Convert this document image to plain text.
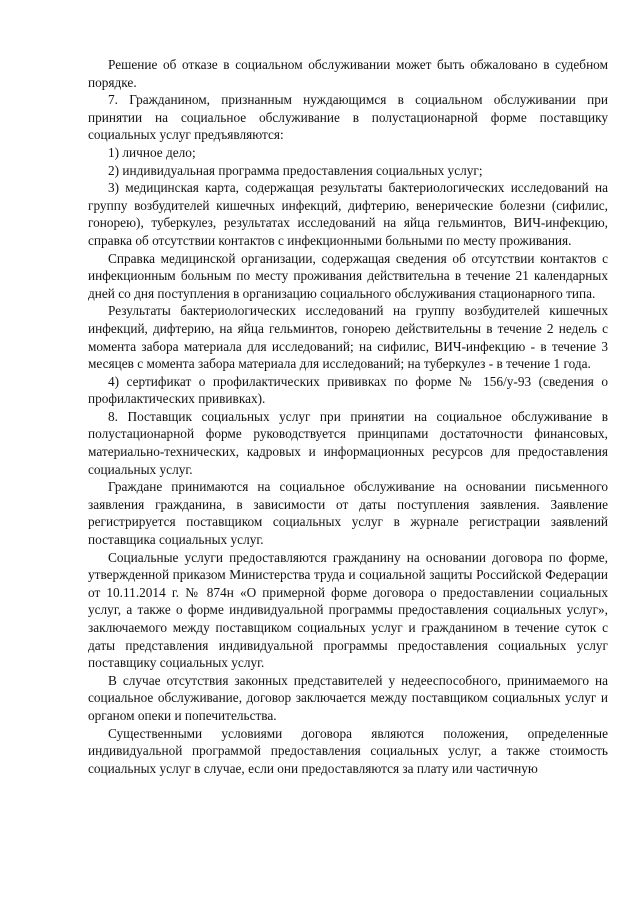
Решение об отказе в социальном обслуживании может быть обжаловано в судебном порядке.

7. Гражданином, признанным нуждающимся в социальном обслуживании при принятии на социальное обслуживание в полустационарной форме поставщику социальных услуг предъявляются:

1) личное дело;

2) индивидуальная программа предоставления социальных услуг;

3) медицинская карта, содержащая результаты бактериологических исследований на группу возбудителей кишечных инфекций, дифтерию, венерические болезни (сифилис, гонорею), туберкулез, результатах исследований на яйца гельминтов, ВИЧ-инфекцию, справка об отсутствии контактов с инфекционными больными по месту проживания.

Справка медицинской организации, содержащая сведения об отсутствии контактов с инфекционным больным по месту проживания действительна в течение 21 календарных дней со дня поступления в организацию социального обслуживания стационарного типа.

Результаты бактериологических исследований на группу возбудителей кишечных инфекций, дифтерию, на яйца гельминтов, гонорею действительны в течение 2 недель с момента забора материала для исследований; на сифилис, ВИЧ-инфекцию - в течение 3 месяцев с момента забора материала для исследований; на туберкулез - в течение 1 года.

4) сертификат о профилактических прививках по форме № 156/у-93 (сведения о профилактических прививках).

8. Поставщик социальных услуг при принятии на социальное обслуживание в полустационарной форме руководствуется принципами достаточности финансовых, материально-технических, кадровых и информационных ресурсов для предоставления социальных услуг.

Граждане принимаются на социальное обслуживание на основании письменного заявления гражданина, в зависимости от даты поступления заявления. Заявление регистрируется поставщиком социальных услуг в журнале регистрации заявлений поставщика социальных услуг.

Социальные услуги предоставляются гражданину на основании договора по форме, утвержденной приказом Министерства труда и социальной защиты Российской Федерации от 10.11.2014 г. № 874н «О примерной форме договора о предоставлении социальных услуг, а также о форме индивидуальной программы предоставления социальных услуг», заключаемого между поставщиком социальных услуг и гражданином в течение суток с даты представления индивидуальной программы предоставления социальных услуг поставщику социальных услуг.

В случае отсутствия законных представителей у недееспособного, принимаемого на социальное обслуживание, договор заключается между поставщиком социальных услуг и органом опеки и попечительства.

Существенными условиями договора являются положения, определенные индивидуальной программой предоставления социальных услуг, а также стоимость социальных услуг в случае, если они предоставляются за плату или частичную
